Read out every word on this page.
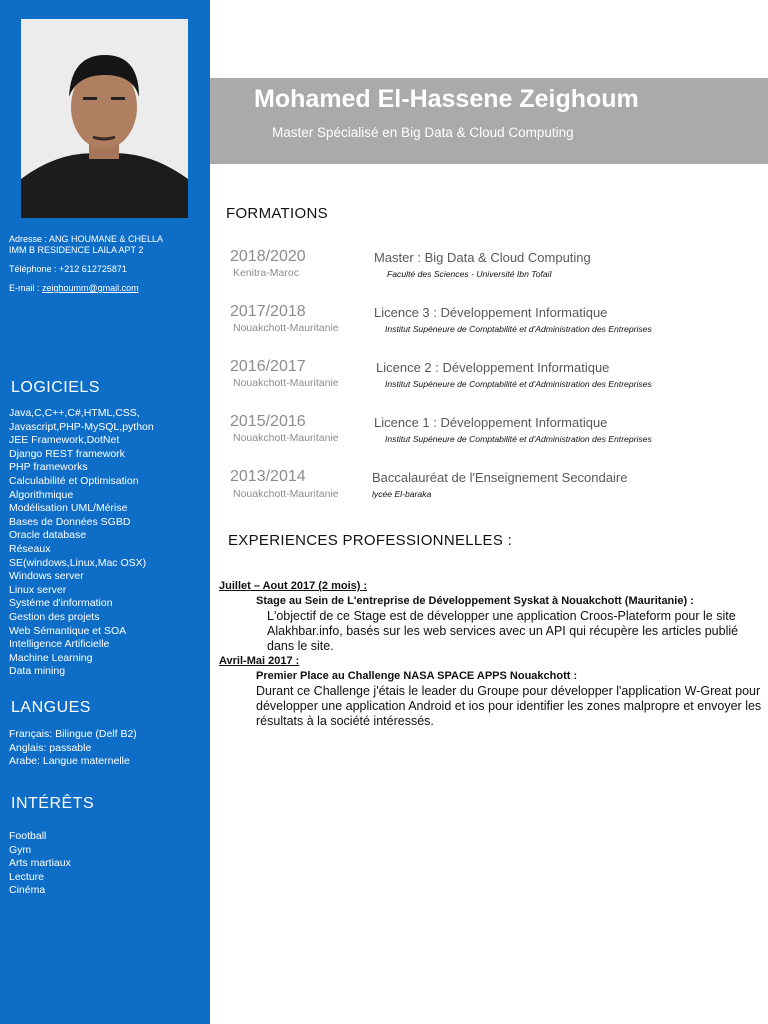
Adresse : ANG HOUMANE & CHELLA
IMM B RESIDENCE LAILA APT 2
Téléphone : +212 612725871
E-mail : zeighoumm@gmail.com
LOGICIELS
Java,C,C++,C#,HTML,CSS,
Javascript,PHP-MySQL,python
JEE Framework,DotNet
Django REST framework
PHP frameworks
Calculabilité et Optimisation
Algorithmique
Modélisation UML/Mérise
Bases de Données SGBD
Oracle database
Réseaux
SE(windows,Linux,Mac OSX)
Windows server
Linux server
Systéme d'information
Gestion des projets
Web Sémantique et SOA
Intelligence Artificielle
Machine Learning
Data mining
LANGUES
Français: Bilingue (Delf B2)
Anglais: passable
Arabe: Langue maternelle
INTÉRÊTS
Football
Gym
Arts martiaux
Lecture
Cinéma
Mohamed El-Hassene Zeighoum
Master Spécialisé en Big Data & Cloud Computing
FORMATIONS
2018/2020
Kenitra-Maroc
Master : Big Data & Cloud Computing
Faculté des Sciences - Université Ibn Tofail
2017/2018
Nouakchott-Mauritanie
Licence 3 : Développement Informatique
Institut Supéneure de Comptabilité et d'Administration des Entreprises
2016/2017
Nouakchott-Mauritanie
Licence 2 : Développement Informatique
Institut Supéneure de Comptabilité et d'Administration des Entreprises
2015/2016
Nouakchott-Mauritanie
Licence 1 : Développement Informatique
Institut Supéneure de Comptabilité et d'Administration des Entreprises
2013/2014
Nouakchott-Mauritanie
Baccalauréat de l'Enseignement Secondaire
lycée El-baraka
EXPERIENCES PROFESSIONNELLES :
Juillet – Aout 2017 (2 mois) :
Stage au Sein de L'entreprise de Développement Syskat à Nouakchott (Mauritanie) :
L'objectif de ce Stage est de développer une application Croos-Plateform pour le site Alakhbar.info, basés sur les web services avec un API qui récupère les articles publié dans le site.
Avril-Mai 2017 :
Premier Place au Challenge NASA SPACE APPS Nouakchott :
Durant ce Challenge j'étais le leader du Groupe pour développer l'application W-Great pour développer une application Android et ios pour identifier les zones malpropre et envoyer les résultats à la société intéressés.
